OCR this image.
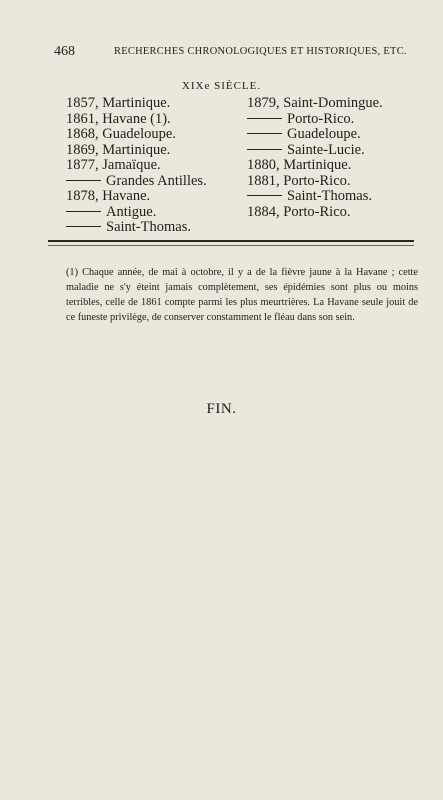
468	RECHERCHES CHRONOLOGIQUES ET HISTORIQUES, ETC.
XIXe SIÈCLE.
1857, Martinique.
1861, Havane (1).
1868, Guadeloupe.
1869, Martinique.
1877, Jamaïque.
Grandes Antilles.
1878, Havane.
Antigue.
Saint-Thomas.
1879, Saint-Domingue.
Porto-Rico.
Guadeloupe.
Sainte-Lucie.
1880, Martinique.
1881, Porto-Rico.
Saint-Thomas.
1884, Porto-Rico.
(1) Chaque année, de mai à octobre, il y a de la fièvre jaune à la Havane ; cette maladie ne s'y éteint jamais complètement, ses épidémies sont plus ou moins terribles, celle de 1861 compte parmi les plus meurtrières. La Havane seule jouit de ce funeste privilège, de conserver constamment le fléau dans son sein.
FIN.
